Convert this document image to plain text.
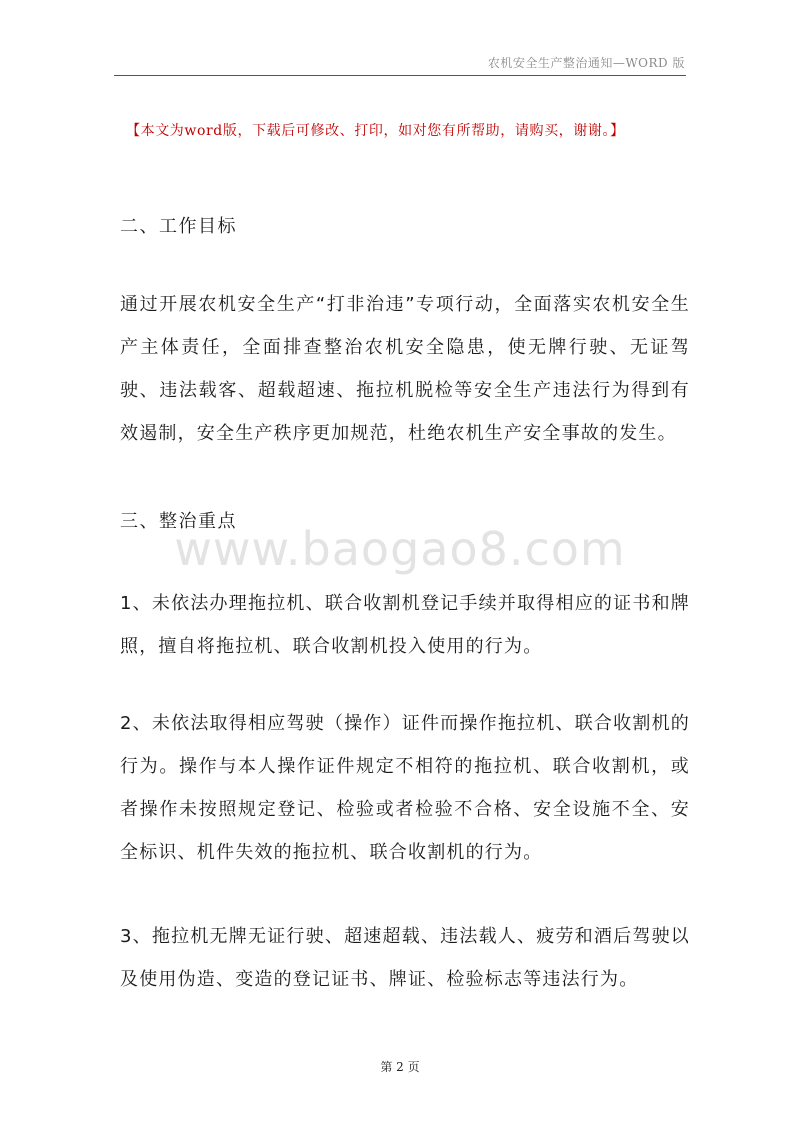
农机安全生产整治通知—WORD 版
【本文为word版，下载后可修改、打印，如对您有所帮助，请购买，谢谢。】
二、工作目标
通过开展农机安全生产“打非治违”专项行动，全面落实农机安全生产主体责任，全面排查整治农机安全隐患，使无牌行驶、无证驾驶、违法载客、超载超速、拖拉机脱检等安全生产违法行为得到有效遏制，安全生产秩序更加规范，杜绝农机生产安全事故的发生。
三、整治重点
www.baogao8.com
1、未依法办理拖拉机、联合收割机登记手续并取得相应的证书和牌照，擅自将拖拉机、联合收割机投入使用的行为。
2、未依法取得相应驾驶（操作）证件而操作拖拉机、联合收割机的行为。操作与本人操作证件规定不相符的拖拉机、联合收割机，或者操作未按照规定登记、检验或者检验不合格、安全设施不全、安全标识、机件失效的拖拉机、联合收割机的行为。
3、拖拉机无牌无证行驶、超速超载、违法载人、疲劳和酒后驾驶以及使用伪造、变造的登记证书、牌证、检验标志等违法行为。
第 2 页
